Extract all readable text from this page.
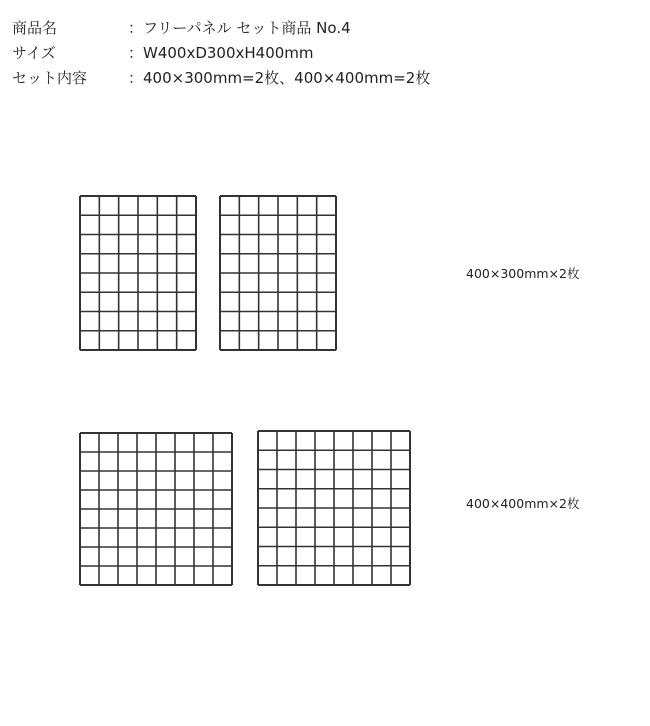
商品名	：フリーパネル セット商品 No.4
サイズ	：W400xD300xH400mm
セット内容	：400×300mm=2枚、400×400mm=2枚
400×300mm×2枚
400×400mm×2枚
